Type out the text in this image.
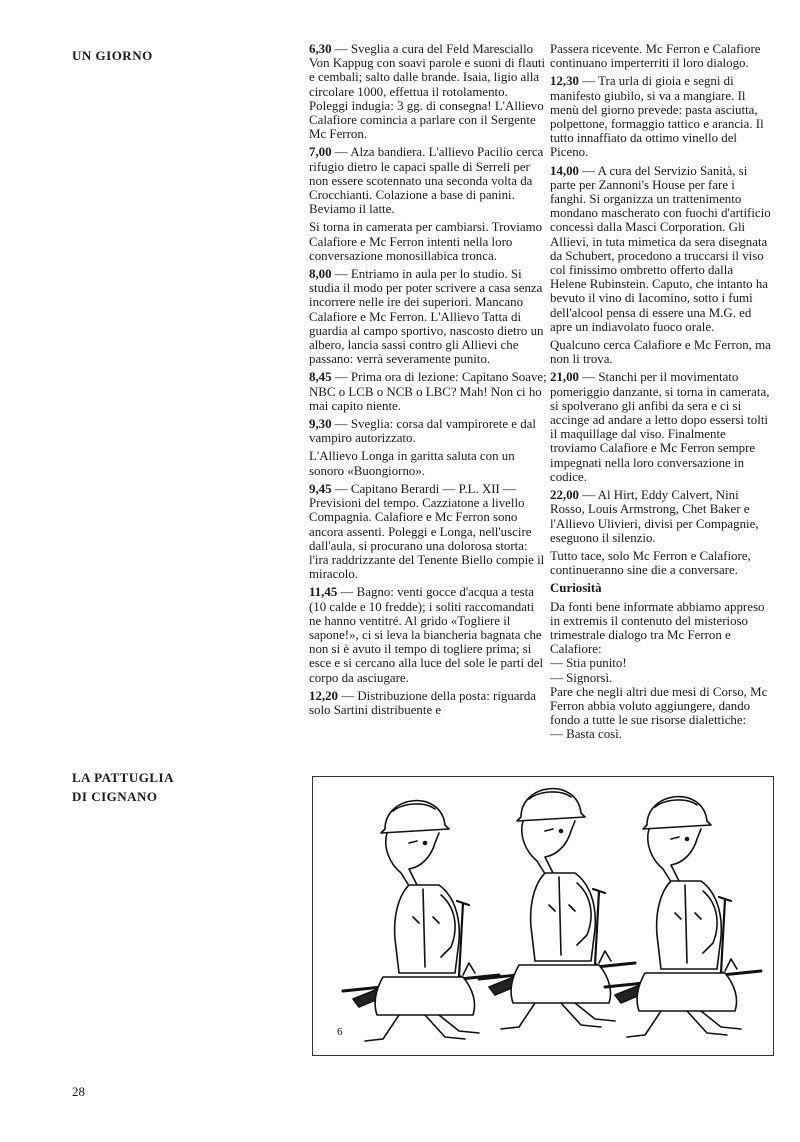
UN GIORNO	6,30 — Sveglia a cura del Feld Maresciallo Von Kappug con soavi parole e suoni di flauti e cembali; salto dalle brande. Isaia, ligio alla circolare 1000, effettua il rotolamento. Poleggi indugia: 3 gg. di consegna! L'Allievo Calafiore comincia a parlare con il Sergente Mc Ferron.

7,00 — Alza bandiera. L'allievo Pacilio cerca rifugio dietro le capaci spalle di Serreli per non essere scotennato una seconda volta da Crocchianti. Colazione a base di panini. Beviamo il latte.

Si torna in camerata per cambiarsi. Troviamo Calafiore e Mc Ferron intenti nella loro conversazione monosillabica tronca.

8,00 — Entriamo in aula per lo studio. Si studia il modo per poter scrivere a casa senza incorrere nelle ire dei superiori. Mancano Calafiore e Mc Ferron. L'Allievo Tatta di guardia al campo sportivo, nascosto dietro un albero, lancia sassi contro gli Allievi che passano: verrà severamente punito.

8,45 — Prima ora di lezione: Capitano Soave; NBC o LCB o NCB o LBC? Mah! Non ci ho mai capito niente.

9,30 — Sveglia: corsa dal vampirorete e dal vampiro autorizzato.

L'Allievo Longa in garitta saluta con un sonoro «Buongiorno».

9,45 — Capitano Berardi — P.L. XII — Previsioni del tempo. Cazziatone a livello Compagnia. Calafiore e Mc Ferron sono ancora assenti. Poleggi e Longa, nell'uscire dall'aula, si procurano una dolorosa storta: l'ira raddrizzante del Tenente Biello compie il miracolo.

11,45 — Bagno: venti gocce d'acqua a testa (10 calde e 10 fredde); i soliti raccomandati ne hanno ventitré. Al grido «Togliere il sapone!», ci si leva la biancheria bagnata che non si è avuto il tempo di togliere prima; si esce e si cercano alla luce del sole le parti del corpo da asciugare.

12,20 — Distribuzione della posta: riguarda solo Sartini distribuente e

Passera ricevente. Mc Ferron e Calafiore continuano imperterriti il loro dialogo.

12,30 — Tra urla di gioia e segni di manifesto giubilo, si va a mangiare. Il menù del giorno prevede: pasta asciutta, polpettone, formaggio tattico e arancia. Il tutto innaffiato da ottimo vinello del Piceno.

14,00 — A cura del Servizio Sanità, si parte per Zannoni's House per fare i fanghi. Si organizza un trattenimento mondano mascherato con fuochi d'artificio concessi dalla Masci Corporation. Gli Allievi, in tuta mimetica da sera disegnata da Schubert, procedono a truccarsi il viso col finissimo ombretto offerto dalla Helene Rubinstein. Caputo, che intanto ha bevuto il vino di Iacomino, sotto i fumi dell'alcool pensa di essere una M.G. ed apre un indiavolato fuoco orale.

Qualcuno cerca Calafiore e Mc Ferron, ma non li trova.

21,00 — Stanchi per il movimentato pomeriggio danzante, si torna in camerata, si spolverano gli anfibi da sera e ci si accinge ad andare a letto dopo essersi tolti il maquillage dal viso. Finalmente troviamo Calafiore e Mc Ferron sempre impegnati nella loro conversazione in codice.

22,00 — Al Hirt, Eddy Calvert, Nini Rosso, Louis Armstrong, Chet Baker e l'Allievo Ulivieri, divisi per Compagnie, eseguono il silenzio.

Tutto tace, solo Mc Ferron e Calafiore, continueranno sine die a conversare.

Curiosità

Da fonti bene informate abbiamo appreso in extremis il contenuto del misterioso trimestrale dialogo tra Mc Ferron e Calafiore:

— Stia punito!

— Signorsì.

Pare che negli altri due mesi di Corso, Mc Ferron abbia voluto aggiungere, dando fondo a tutte le sue risorse dialettiche:

— Basta così.

LA PATTUGLIA
DI CIGNANO
6
28
